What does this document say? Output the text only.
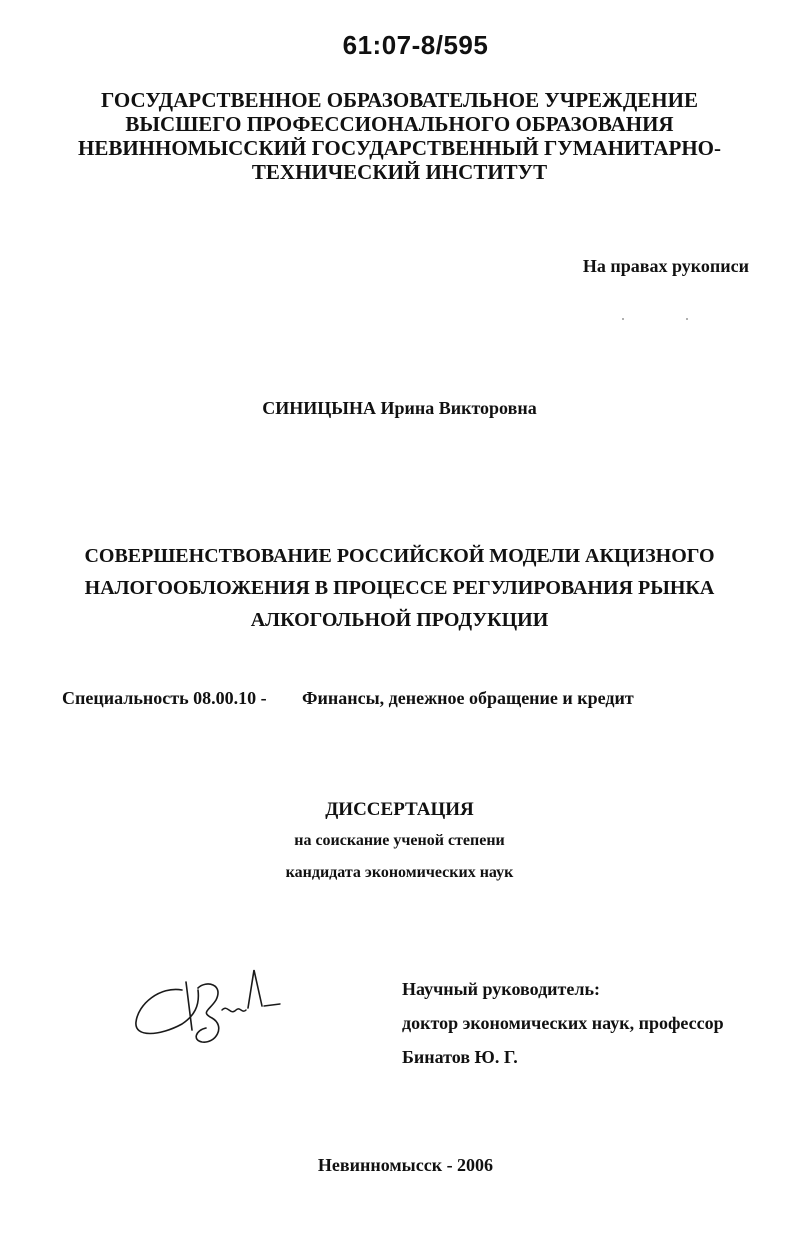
61:07-8/595
ГОСУДАРСТВЕННОЕ ОБРАЗОВАТЕЛЬНОЕ УЧРЕЖДЕНИЕ
ВЫСШЕГО ПРОФЕССИОНАЛЬНОГО ОБРАЗОВАНИЯ
НЕВИННОМЫССКИЙ ГОСУДАРСТВЕННЫЙ ГУМАНИТАРНО-
ТЕХНИЧЕСКИЙ ИНСТИТУТ
На правах рукописи
СИНИЦЫНА Ирина Викторовна
СОВЕРШЕНСТВОВАНИЕ РОССИЙСКОЙ МОДЕЛИ АКЦИЗНОГО
НАЛОГООБЛОЖЕНИЯ В ПРОЦЕССЕ РЕГУЛИРОВАНИЯ РЫНКА
АЛКОГОЛЬНОЙ ПРОДУКЦИИ
Специальность 08.00.10 - Финансы, денежное обращение и кредит
ДИССЕРТАЦИЯ
на соискание ученой степени
кандидата экономических наук
Научный руководитель:
доктор экономических наук, профессор
Бинатов Ю. Г.
Невинномысск - 2006
